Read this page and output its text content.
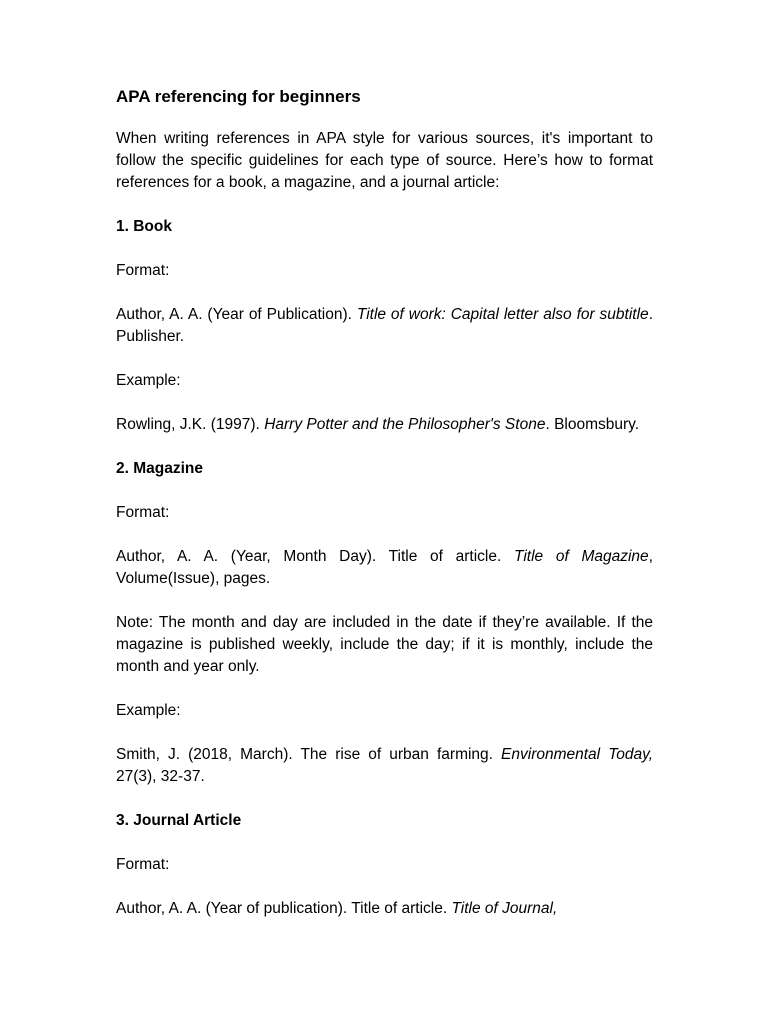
APA referencing for beginners

When writing references in APA style for various sources, it's important to follow the specific guidelines for each type of source. Here’s how to format references for a book, a magazine, and a journal article:

1. Book

Format:

Author, A. A. (Year of Publication). Title of work: Capital letter also for subtitle. Publisher.

Example:

Rowling, J.K. (1997). Harry Potter and the Philosopher's Stone. Bloomsbury.

2. Magazine

Format:

Author, A. A. (Year, Month Day). Title of article. Title of Magazine, Volume(Issue), pages.

Note: The month and day are included in the date if they’re available. If the magazine is published weekly, include the day; if it is monthly, include the month and year only.

Example:

Smith, J. (2018, March). The rise of urban farming. Environmental Today, 27(3), 32-37.

3. Journal Article

Format:

Author, A. A. (Year of publication). Title of article. Title of Journal,
